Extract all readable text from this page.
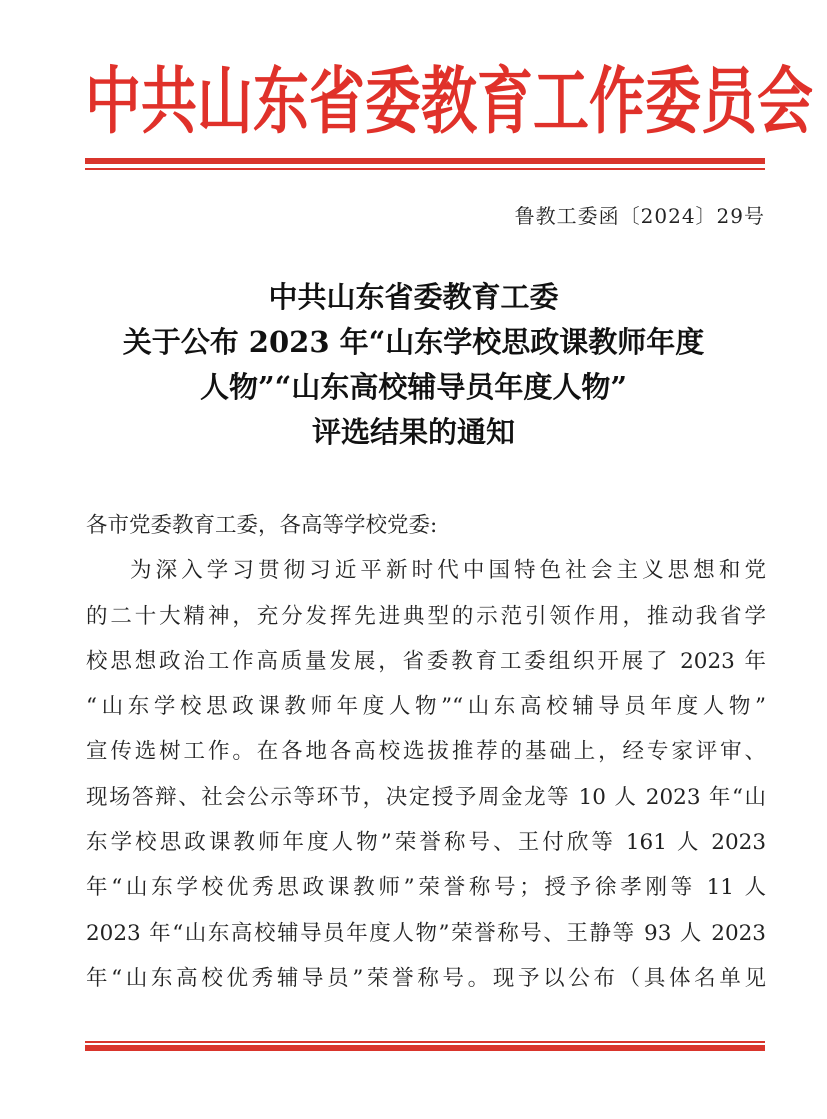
中共山东省委教育工作委员会
鲁教工委函〔2024〕29号
中共山东省委教育工委
关于公布 2023 年“山东学校思政课教师年度
人物”“山东高校辅导员年度人物”
评选结果的通知
各市党委教育工委，各高等学校党委:
为深入学习贯彻习近平新时代中国特色社会主义思想和党
的二十大精神，充分发挥先进典型的示范引领作用，推动我省学
校思想政治工作高质量发展，省委教育工委组织开展了 2023 年
“山东学校思政课教师年度人物”“山东高校辅导员年度人物”
宣传选树工作。在各地各高校选拔推荐的基础上，经专家评审、
现场答辩、社会公示等环节，决定授予周金龙等 10 人 2023 年“山
东学校思政课教师年度人物”荣誉称号、王付欣等 161 人 2023
年“山东学校优秀思政课教师”荣誉称号；授予徐孝刚等 11 人
2023 年“山东高校辅导员年度人物”荣誉称号、王静等 93 人 2023
年“山东高校优秀辅导员”荣誉称号。现予以公布（具体名单见
